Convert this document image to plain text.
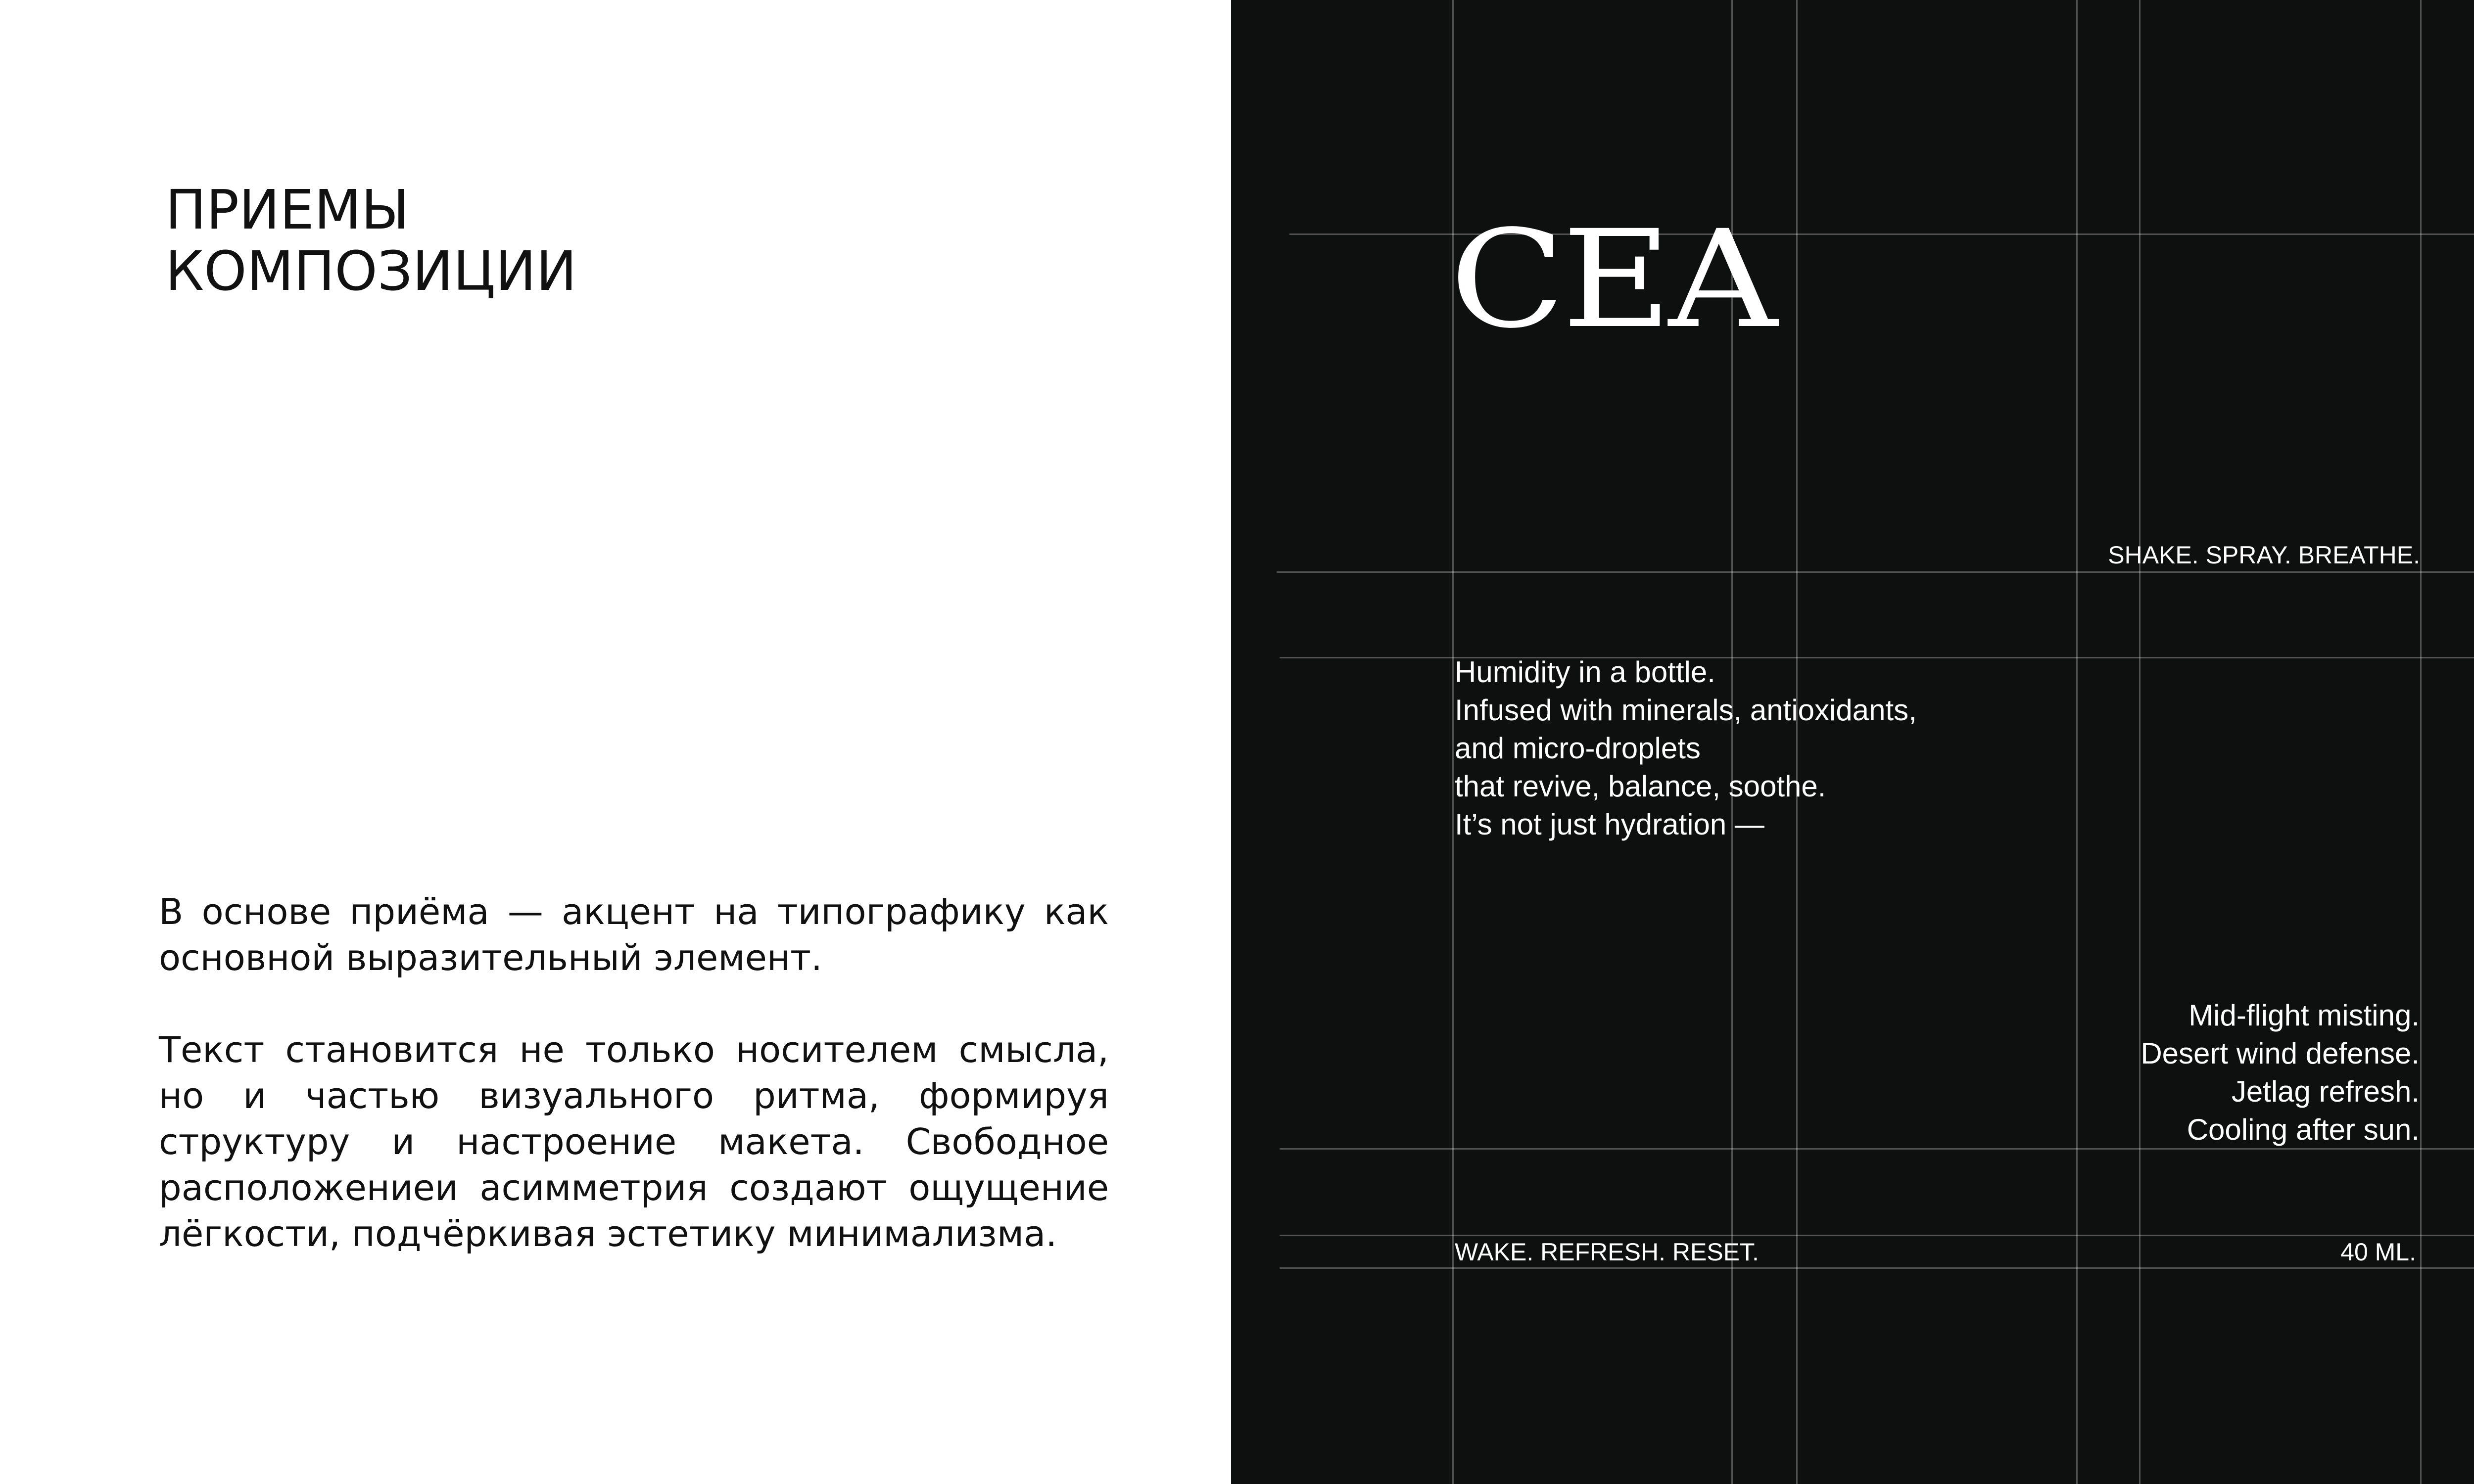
ПРИЕМЫ
КОМПОЗИЦИИ

В основе приёма — акцент на типографику как основной выразительный элемент.

Текст становится не только носителем смысла, но и частью визуального ритма, формируя структуру и настроение макета. Свободное расположениеи асимметрия создают ощущение лёгкости, подчёркивая эстетику минимализма.

CEA
SHAKE. SPRAY. BREATHE.
Humidity in a bottle.
Infused with minerals, antioxidants,
and micro-droplets
that revive, balance, soothe.
It’s not just hydration —
Mid-flight misting.
Desert wind defense.
Jetlag refresh.
Cooling after sun.
WAKE. REFRESH. RESET.	40 ML.
